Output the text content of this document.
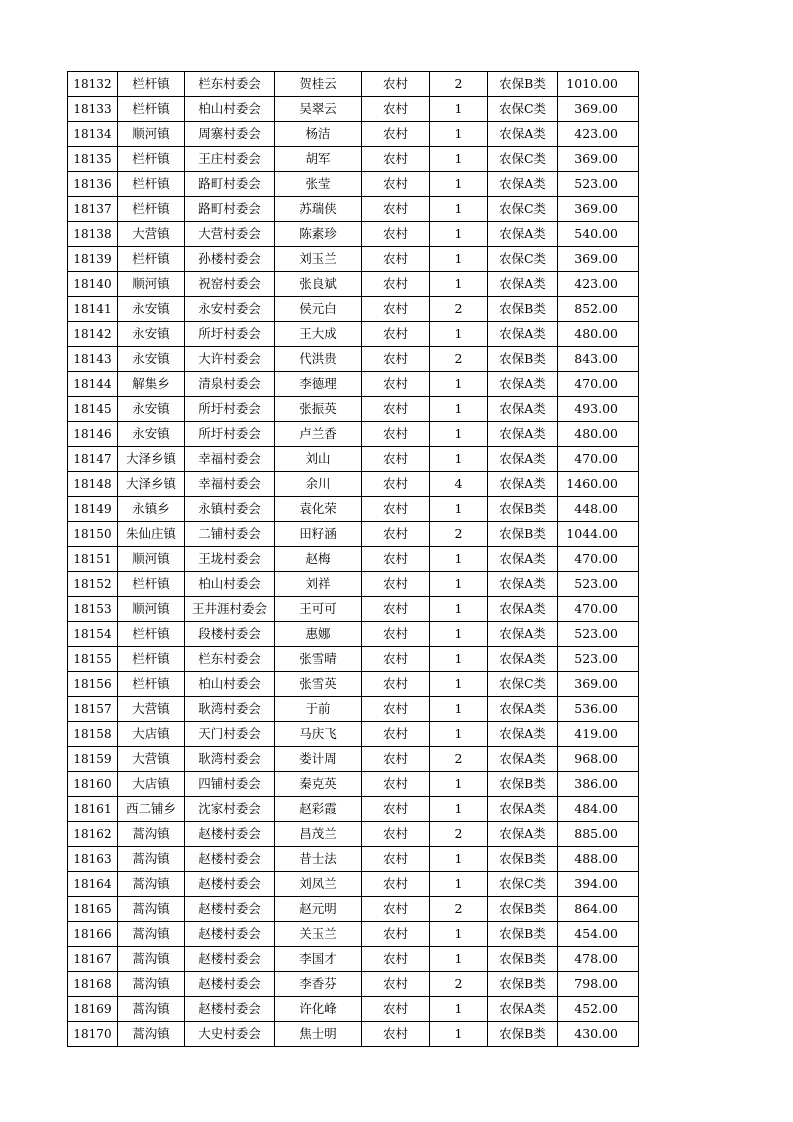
18132	栏杆镇	栏东村委会	贺桂云	农村	2	农保B类	1010.00
18133	栏杆镇	柏山村委会	吴翠云	农村	1	农保C类	369.00
18134	顺河镇	周寨村委会	杨洁	农村	1	农保A类	423.00
18135	栏杆镇	王庄村委会	胡军	农村	1	农保C类	369.00
18136	栏杆镇	路町村委会	张莹	农村	1	农保A类	523.00
18137	栏杆镇	路町村委会	苏瑞侠	农村	1	农保C类	369.00
18138	大营镇	大营村委会	陈素珍	农村	1	农保A类	540.00
18139	栏杆镇	孙楼村委会	刘玉兰	农村	1	农保C类	369.00
18140	顺河镇	祝窑村委会	张良斌	农村	1	农保A类	423.00
18141	永安镇	永安村委会	侯元白	农村	2	农保B类	852.00
18142	永安镇	所圩村委会	王大成	农村	1	农保A类	480.00
18143	永安镇	大许村委会	代洪贵	农村	2	农保B类	843.00
18144	解集乡	清泉村委会	李德理	农村	1	农保A类	470.00
18145	永安镇	所圩村委会	张振英	农村	1	农保A类	493.00
18146	永安镇	所圩村委会	卢兰香	农村	1	农保A类	480.00
18147	大泽乡镇	幸福村委会	刘山	农村	1	农保A类	470.00
18148	大泽乡镇	幸福村委会	余川	农村	4	农保A类	1460.00
18149	永镇乡	永镇村委会	袁化荣	农村	1	农保B类	448.00
18150	朱仙庄镇	二铺村委会	田籽涵	农村	2	农保B类	1044.00
18151	顺河镇	王垅村委会	赵梅	农村	1	农保A类	470.00
18152	栏杆镇	柏山村委会	刘祥	农村	1	农保A类	523.00
18153	顺河镇	王井涯村委会	王可可	农村	1	农保A类	470.00
18154	栏杆镇	段楼村委会	惠娜	农村	1	农保A类	523.00
18155	栏杆镇	栏东村委会	张雪晴	农村	1	农保A类	523.00
18156	栏杆镇	柏山村委会	张雪英	农村	1	农保C类	369.00
18157	大营镇	耿湾村委会	于前	农村	1	农保A类	536.00
18158	大店镇	天门村委会	马庆飞	农村	1	农保A类	419.00
18159	大营镇	耿湾村委会	娄计周	农村	2	农保A类	968.00
18160	大店镇	四铺村委会	秦克英	农村	1	农保B类	386.00
18161	西二铺乡	沈家村委会	赵彩霞	农村	1	农保A类	484.00
18162	蒿沟镇	赵楼村委会	昌茂兰	农村	2	农保A类	885.00
18163	蒿沟镇	赵楼村委会	昔士法	农村	1	农保B类	488.00
18164	蒿沟镇	赵楼村委会	刘凤兰	农村	1	农保C类	394.00
18165	蒿沟镇	赵楼村委会	赵元明	农村	2	农保B类	864.00
18166	蒿沟镇	赵楼村委会	关玉兰	农村	1	农保B类	454.00
18167	蒿沟镇	赵楼村委会	李国才	农村	1	农保B类	478.00
18168	蒿沟镇	赵楼村委会	李香芬	农村	2	农保B类	798.00
18169	蒿沟镇	赵楼村委会	许化峰	农村	1	农保A类	452.00
18170	蒿沟镇	大史村委会	焦士明	农村	1	农保B类	430.00
